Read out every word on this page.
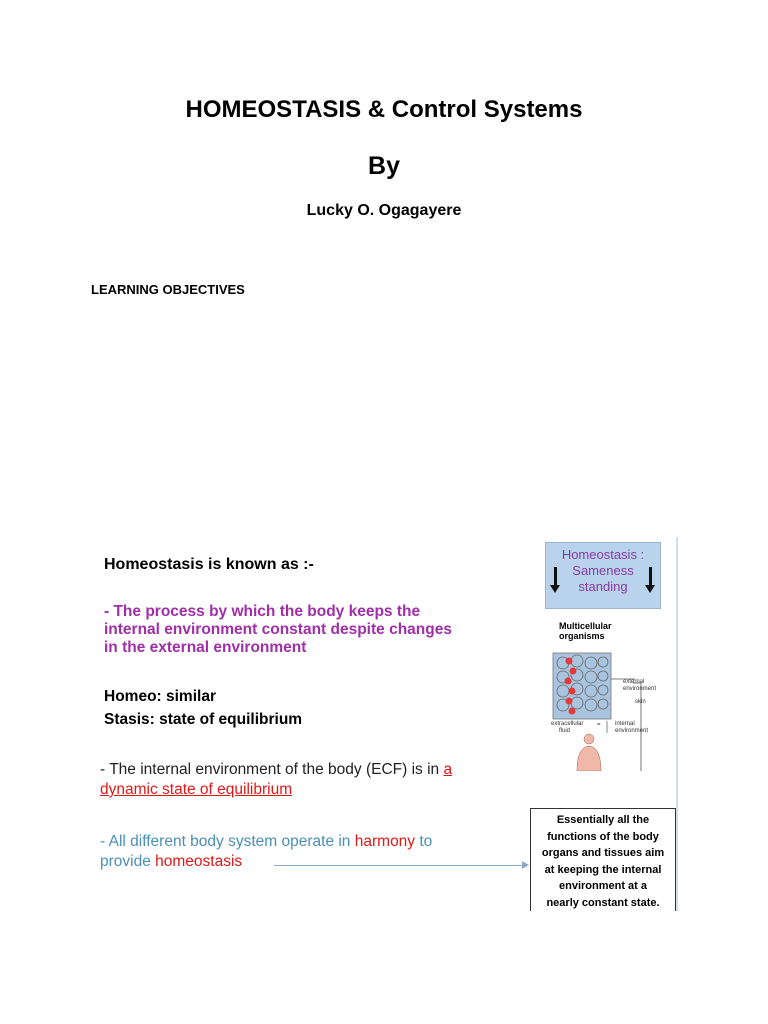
HOMEOSTASIS & Control Systems
By
Lucky O. Ogagayere
LEARNING OBJECTIVES
Homeostasis is known as :-
- The process by which the body keeps the
internal environment constant despite changes
in the external environment
Homeo: similar
Stasis: state of equilibrium
- The internal environment of the body (ECF) is in a
dynamic state of equilibrium
- All different body system operate in harmony to
provide homeostasis
Homeostasis :
Sameness
standing
Multicellular
organisms
external
environment
skin
extracellular
fluid
= internal
environment
Essentially all the
functions of the body
organs and tissues aim
at keeping the internal
environment at a
nearly constant state.
